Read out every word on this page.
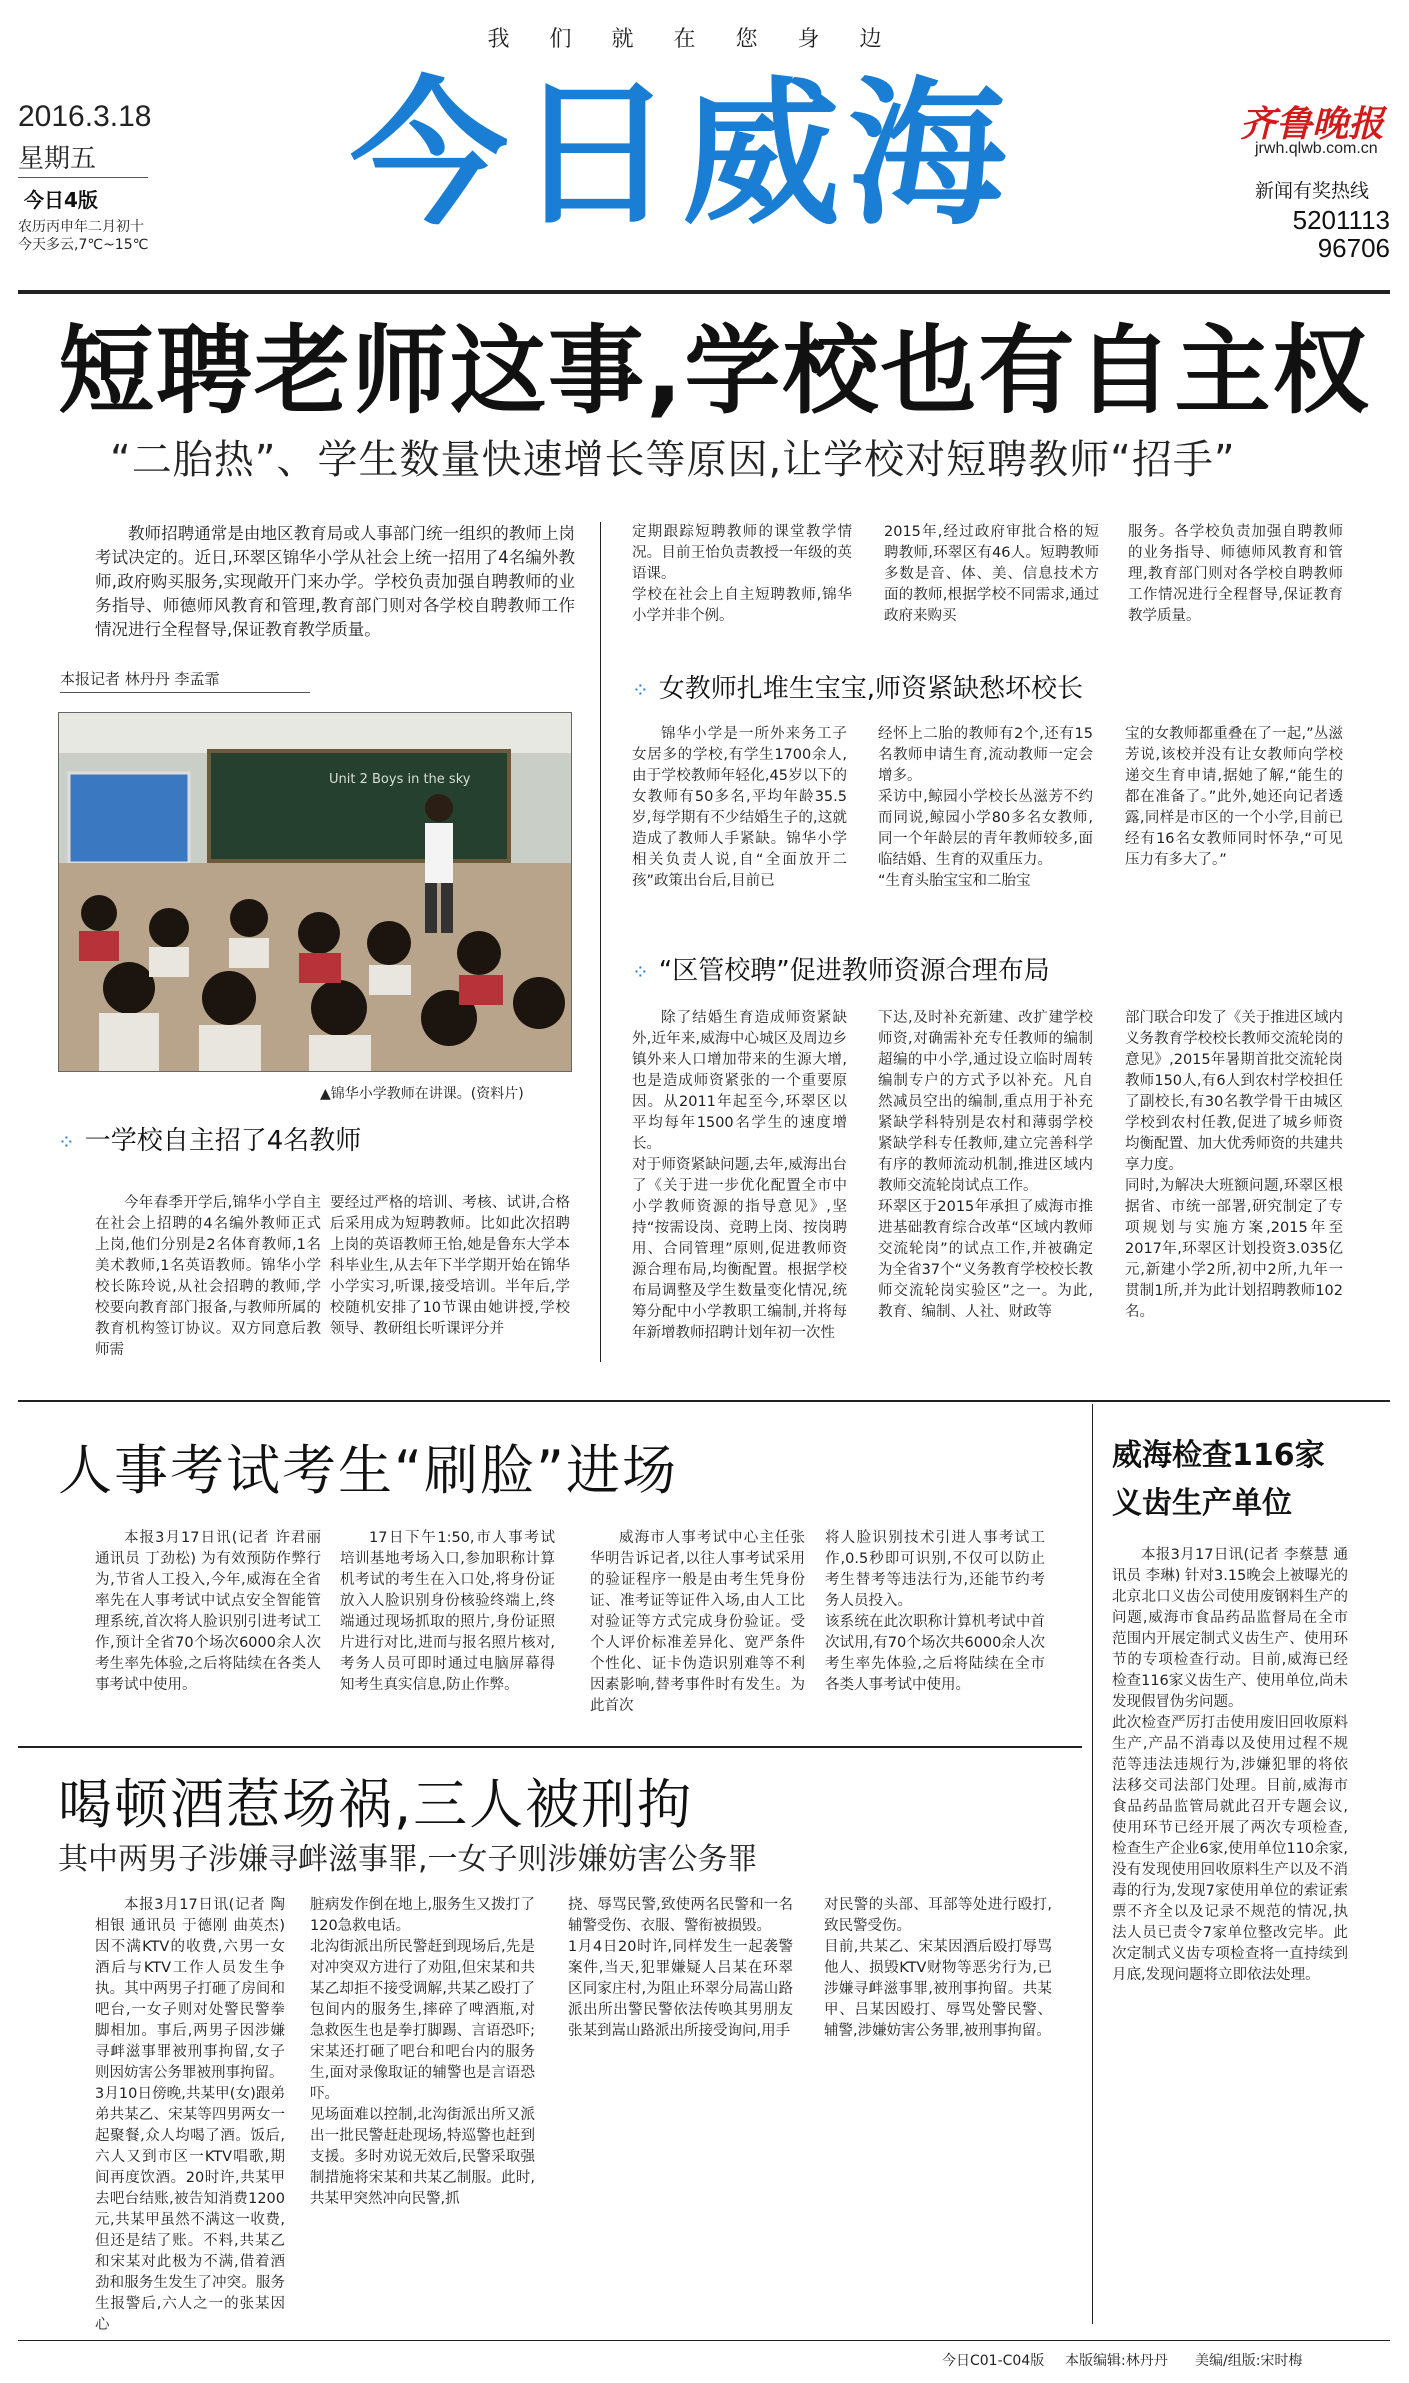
我们就在您身边
2016.3.18
星期五
今日4版
农历丙申年二月初十
今天多云,7℃~15℃ 今日威海	齐鲁晚报
jrwh.qlwb.com.cn
新闻有奖热线
5201113
96706
短聘老师这事,学校也有自主权
“二胎热”、学生数量快速增长等原因,让学校对短聘教师“招手”

教师招聘通常是由地区教育局或人事部门统一组织的教师上岗考试决定的。近日,环翠区锦华小学从社会上统一招用了4名编外教师,政府购买服务,实现敞开门来办学。学校负责加强自聘教师的业务指导、师德师风教育和管理,教育部门则对各学校自聘教师工作情况进行全程督导,保证教育教学质量。

本报记者 林丹丹 李孟霏
Unit 2 Boys in the sky
▲锦华小学教师在讲课。(资料片)
⁘ 一学校自主招了4名教师

今年春季开学后,锦华小学自主在社会上招聘的4名编外教师正式上岗,他们分别是2名体育教师,1名美术教师,1名英语教师。锦华小学校长陈玲说,从社会招聘的教师,学校要向教育部门报备,与教师所属的教育机构签订协议。双方同意后教师需

要经过严格的培训、考核、试讲,合格后采用成为短聘教师。比如此次招聘上岗的英语教师王怡,她是鲁东大学本科毕业生,从去年下半学期开始在锦华小学实习,听课,接受培训。半年后,学校随机安排了10节课由她讲授,学校领导、教研组长听课评分并

定期跟踪短聘教师的课堂教学情况。目前王怡负责教授一年级的英语课。
学校在社会上自主短聘教师,锦华小学并非个例。

2015年,经过政府审批合格的短聘教师,环翠区有46人。短聘教师多数是音、体、美、信息技术方面的教师,根据学校不同需求,通过政府来购买

服务。各学校负责加强自聘教师的业务指导、师德师风教育和管理,教育部门则对各学校自聘教师工作情况进行全程督导,保证教育教学质量。

⁘ 女教师扎堆生宝宝,师资紧缺愁坏校长

锦华小学是一所外来务工子女居多的学校,有学生1700余人,由于学校教师年轻化,45岁以下的女教师有50多名,平均年龄35.5岁,每学期有不少结婚生子的,这就造成了教师人手紧缺。锦华小学相关负责人说,自“全面放开二孩”政策出台后,目前已

经怀上二胎的教师有2个,还有15名教师申请生育,流动教师一定会增多。
采访中,鲸园小学校长丛滋芳不约而同说,鲸园小学80多名女教师,同一个年龄层的青年教师较多,面临结婚、生育的双重压力。
“生育头胎宝宝和二胎宝

宝的女教师都重叠在了一起,”丛滋芳说,该校并没有让女教师向学校递交生育申请,据她了解,“能生的都在准备了。”此外,她还向记者透露,同样是市区的一个小学,目前已经有16名女教师同时怀孕,“可见压力有多大了。”

⁘ “区管校聘”促进教师资源合理布局

除了结婚生育造成师资紧缺外,近年来,威海中心城区及周边乡镇外来人口增加带来的生源大增,也是造成师资紧张的一个重要原因。从2011年起至今,环翠区以平均每年1500名学生的速度增长。
对于师资紧缺问题,去年,威海出台了《关于进一步优化配置全市中小学教师资源的指导意见》,坚持“按需设岗、竞聘上岗、按岗聘用、合同管理”原则,促进教师资源合理布局,均衡配置。根据学校布局调整及学生数量变化情况,统筹分配中小学教职工编制,并将每年新增教师招聘计划年初一次性

下达,及时补充新建、改扩建学校师资,对确需补充专任教师的编制超编的中小学,通过设立临时周转编制专户的方式予以补充。凡自然减员空出的编制,重点用于补充紧缺学科特别是农村和薄弱学校紧缺学科专任教师,建立完善科学有序的教师流动机制,推进区域内教师交流轮岗试点工作。
环翠区于2015年承担了威海市推进基础教育综合改革“区域内教师交流轮岗”的试点工作,并被确定为全省37个“义务教育学校校长教师交流轮岗实验区”之一。为此,教育、编制、人社、财政等

部门联合印发了《关于推进区域内义务教育学校校长教师交流轮岗的意见》,2015年暑期首批交流轮岗教师150人,有6人到农村学校担任了副校长,有30名教学骨干由城区学校到农村任教,促进了城乡师资均衡配置、加大优秀师资的共建共享力度。
同时,为解决大班额问题,环翠区根据省、市统一部署,研究制定了专项规划与实施方案,2015年至2017年,环翠区计划投资3.035亿元,新建小学2所,初中2所,九年一贯制1所,并为此计划招聘教师102名。

人事考试考生“刷脸”进场

本报3月17日讯(记者 许君丽 通讯员 丁劲松) 为有效预防作弊行为,节省人工投入,今年,威海在全省率先在人事考试中试点安全智能管理系统,首次将人脸识别引进考试工作,预计全省70个场次6000余人次考生率先体验,之后将陆续在各类人事考试中使用。

17日下午1:50,市人事考试培训基地考场入口,参加职称计算机考试的考生在入口处,将身份证放入人脸识别身份核验终端上,终端通过现场抓取的照片,身份证照片进行对比,进而与报名照片核对,考务人员可即时通过电脑屏幕得知考生真实信息,防止作弊。

威海市人事考试中心主任张华明告诉记者,以往人事考试采用的验证程序一般是由考生凭身份证、准考证等证件入场,由人工比对验证等方式完成身份验证。受个人评价标准差异化、宽严条件个性化、证卡伪造识别难等不利因素影响,替考事件时有发生。为此首次

将人脸识别技术引进人事考试工作,0.5秒即可识别,不仅可以防止考生替考等违法行为,还能节约考务人员投入。
该系统在此次职称计算机考试中首次试用,有70个场次共6000余人次考生率先体验,之后将陆续在全市各类人事考试中使用。

喝顿酒惹场祸,三人被刑拘
其中两男子涉嫌寻衅滋事罪,一女子则涉嫌妨害公务罪

本报3月17日讯(记者 陶相银 通讯员 于德刚 曲英杰) 因不满KTV的收费,六男一女酒后与KTV工作人员发生争执。其中两男子打砸了房间和吧台,一女子则对处警民警拳脚相加。事后,两男子因涉嫌寻衅滋事罪被刑事拘留,女子则因妨害公务罪被刑事拘留。
3月10日傍晚,共某甲(女)跟弟弟共某乙、宋某等四男两女一起聚餐,众人均喝了酒。饭后,六人又到市区一KTV唱歌,期间再度饮酒。20时许,共某甲去吧台结账,被告知消费1200元,共某甲虽然不满这一收费,但还是结了账。不料,共某乙和宋某对此极为不满,借着酒劲和服务生发生了冲突。服务生报警后,六人之一的张某因心

脏病发作倒在地上,服务生又拨打了120急救电话。
北沟街派出所民警赶到现场后,先是对冲突双方进行了劝阻,但宋某和共某乙却拒不接受调解,共某乙殴打了包间内的服务生,摔碎了啤酒瓶,对急救医生也是拳打脚踢、言语恐吓;宋某还打砸了吧台和吧台内的服务生,面对录像取证的辅警也是言语恐吓。
见场面难以控制,北沟街派出所又派出一批民警赶赴现场,特巡警也赶到支援。多时劝说无效后,民警采取强制措施将宋某和共某乙制服。此时,共某甲突然冲向民警,抓

挠、辱骂民警,致使两名民警和一名辅警受伤、衣服、警衔被损毁。
1月4日20时许,同样发生一起袭警案件,当天,犯罪嫌疑人吕某在环翠区同家庄村,为阻止环翠分局嵩山路派出所出警民警依法传唤其男朋友张某到嵩山路派出所接受询问,用手

对民警的头部、耳部等处进行殴打,致民警受伤。
目前,共某乙、宋某因酒后殴打辱骂他人、损毁KTV财物等恶劣行为,已涉嫌寻衅滋事罪,被刑事拘留。共某甲、吕某因殴打、辱骂处警民警、辅警,涉嫌妨害公务罪,被刑事拘留。

威海检查116家
义齿生产单位

本报3月17日讯(记者 李蔡慧 通讯员 李琳) 针对3.15晚会上被曝光的北京北口义齿公司使用废钢料生产的问题,威海市食品药品监督局在全市范围内开展定制式义齿生产、使用环节的专项检查行动。目前,威海已经检查116家义齿生产、使用单位,尚未发现假冒伪劣问题。
此次检查严厉打击使用废旧回收原料生产,产品不消毒以及使用过程不规范等违法违规行为,涉嫌犯罪的将依法移交司法部门处理。目前,威海市食品药品监管局就此召开专题会议,使用环节已经开展了两次专项检查,检查生产企业6家,使用单位110余家,没有发现使用回收原料生产以及不消毒的行为,发现7家使用单位的索证索票不齐全以及记录不规范的情况,执法人员已责令7家单位整改完毕。此次定制式义齿专项检查将一直持续到月底,发现问题将立即依法处理。

今日C01-C04版 本版编辑:林丹丹 美编/组版:宋时梅
